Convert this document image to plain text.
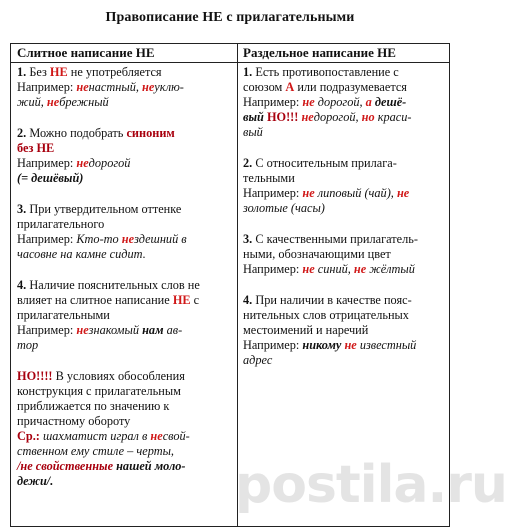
Правописание НЕ с прилагательными
Слитное написание НЕ	Раздельное написание НЕ

1. Без НЕ не употребляется
Например: ненастный, неуклю-
жий, небрежный

2. Можно подобрать синоним
без НЕ
Например: недорогой
(= дешёвый)

3. При утвердительном оттенке
прилагательного
Например: Кто-то нездешний в
часовне на камне сидит.

4. Наличие пояснительных слов не
влияет на слитное написание НЕ с
прилагательными
Например: незнакомый нам ав-
тор

НО!!!! В условиях обособления
конструкция с прилагательным
приближается по значению к
причастному обороту
Ср.: шахматист играл в несвой-
ственном ему стиле – черты,
/не свойственные нашей моло-
дежи/.

1. Есть противопоставление с
союзом А или подразумевается
Например: не дорогой, а дешё-
вый НО!!! недорогой, но краси-
вый

2. С относительным прилага-
тельными
Например: не липовый (чай), не
золотые (часы)

3. С качественными прилагатель-
ными, обозначающими цвет
Например: не синий, не жёлтый

4. При наличии в качестве пояс-
нительных слов отрицательных
местоимений и наречий
Например: никому не известный
адрес

postila.ru
